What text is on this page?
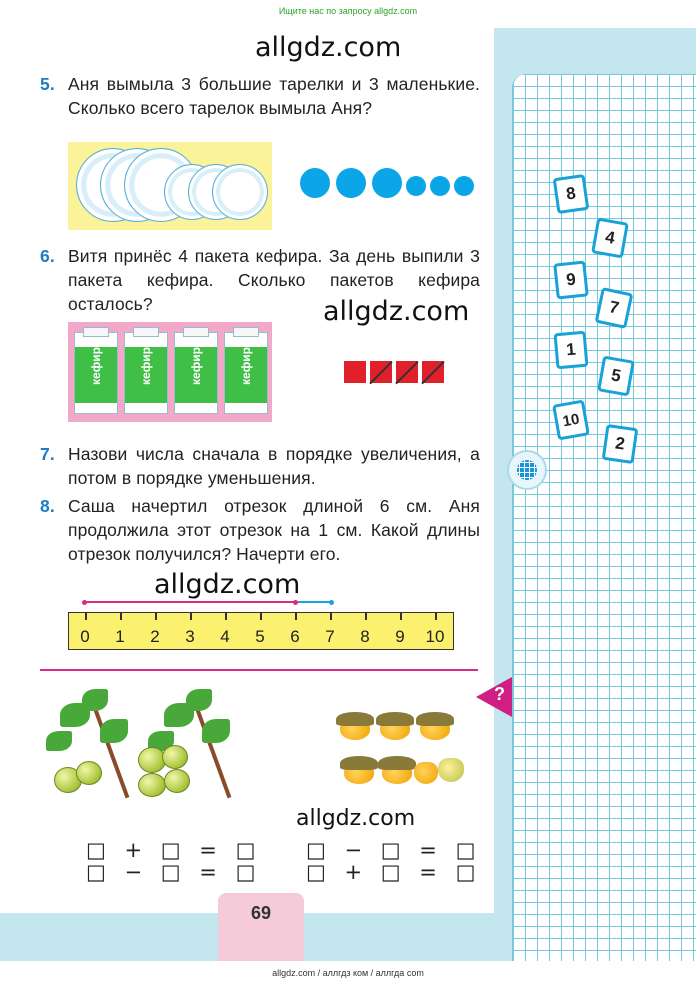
Ищите нас по запросу allgdz.com
allgdz.com
5. Аня вымыла 3 большие тарелки и 3 маленькие. Сколько всего тарелок вымыла Аня?
6. Витя принёс 4 пакета кефира. За день выпили 3 пакета кефира. Сколько пакетов кефира осталось?	allgdz.com
кефир	кефир	кефир	кефир
8
4
9
7
1
5
10
2
7. Назови числа сначала в порядке увеличения, а потом в порядке уменьшения.
8. Саша начертил отрезок длиной 6 см. Аня продолжила этот отрезок на 1 см. Какой длины отрезок получился? Начерти его.
allgdz.com
0	1	2	3	4	5	6	7	8	9	10
?
allgdz.com
□ + □ = □
□ − □ = □
□ − □ = □
□ + □ = □
69
allgdz.com / аллгдз ком / аллгда com
